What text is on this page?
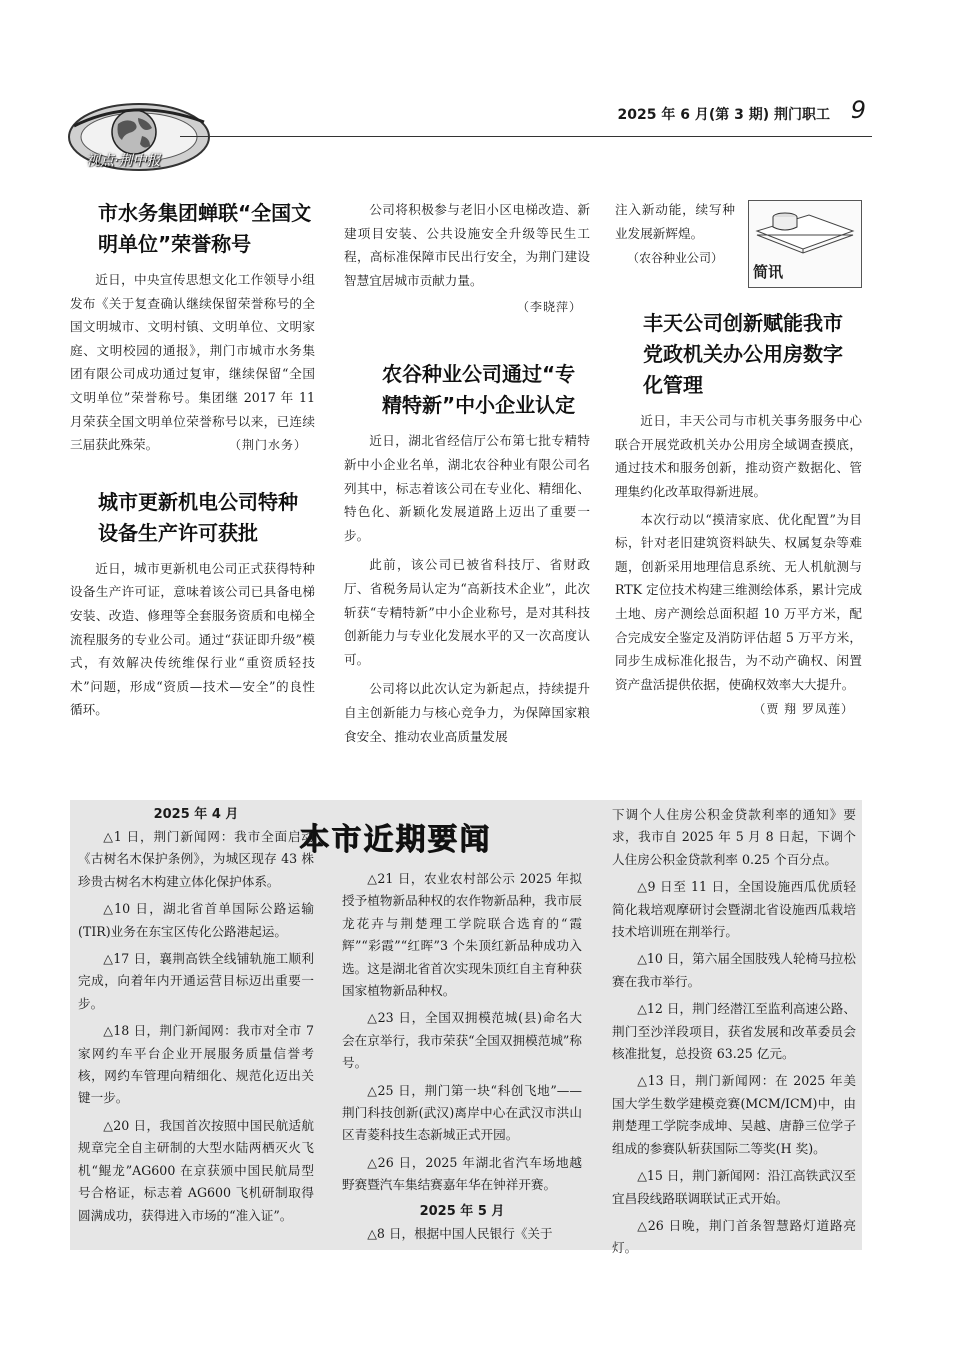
视点·荆中报
2025 年 6 月(第 3 期) 荆门职工 9
市水务集团蝉联“全国文明单位”荣誉称号

近日，中央宣传思想文化工作领导小组发布《关于复查确认继续保留荣誉称号的全国文明城市、文明村镇、文明单位、文明家庭、文明校园的通报》，荆门市城市水务集团有限公司成功通过复审，继续保留“全国文明单位”荣誉称号。集团继 2017 年 11 月荣获全国文明单位荣誉称号以来，已连续三届获此殊荣。	（荆门水务）
城市更新机电公司特种设备生产许可获批

近日，城市更新机电公司正式获得特种设备生产许可证，意味着该公司已具备电梯安装、改造、修理等全套服务资质和电梯全流程服务的专业公司。通过“获证即升级”模式，有效解决传统维保行业“重资质轻技术”问题，形成“资质—技术—安全”的良性循环。

公司将积极参与老旧小区电梯改造、新建项目安装、公共设施安全升级等民生工程，高标准保障市民出行安全，为荆门建设智慧宜居城市贡献力量。

（李晓萍）
农谷种业公司通过“专精特新”中小企业认定

近日，湖北省经信厅公布第七批专精特新中小企业名单，湖北农谷种业有限公司名列其中，标志着该公司在专业化、精细化、特色化、新颖化发展道路上迈出了重要一步。

此前，该公司已被省科技厅、省财政厅、省税务局认定为“高新技术企业”，此次斩获“专精特新”中小企业称号，是对其科技创新能力与专业化发展水平的又一次高度认可。

公司将以此次认定为新起点，持续提升自主创新能力与核心竞争力，为保障国家粮食安全、推动农业高质量发展

注入新动能，续写种业发展新辉煌。

（农谷种业公司）
丰天公司创新赋能我市党政机关办公用房数字化管理

近日，丰天公司与市机关事务服务中心联合开展党政机关办公用房全域调查摸底，通过技术和服务创新，推动资产数据化、管理集约化改革取得新进展。

本次行动以“摸清家底、优化配置”为目标，针对老旧建筑资料缺失、权属复杂等难题，创新采用地理信息系统、无人机航测与 RTK 定位技术构建三维测绘体系，累计完成土地、房产测绘总面积超 10 万平方米，配合完成安全鉴定及消防评估超 5 万平方米，同步生成标准化报告，为不动产确权、闲置资产盘活提供依据，使确权效率大大提升。

（贾 翔 罗凤莲）
简讯
本市近期要闻
2025 年 4 月

△1 日，荆门新闻网：我市全面启动《古树名木保护条例》，为城区现存 43 株珍贵古树名木构建立体化保护体系。

△10 日，湖北省首单国际公路运输(TIR)业务在东宝区传化公路港起运。

△17 日，襄荆高铁全线铺轨施工顺利完成，向着年内开通运营目标迈出重要一步。

△18 日，荆门新闻网：我市对全市 7 家网约车平台企业开展服务质量信誉考核，网约车管理向精细化、规范化迈出关键一步。

△20 日，我国首次按照中国民航适航规章完全自主研制的大型水陆两栖灭火飞机“鲲龙”AG600 在京获颁中国民航局型号合格证，标志着 AG600 飞机研制取得圆满成功，获得进入市场的“准入证”。

△21 日，农业农村部公示 2025 年拟授予植物新品种权的农作物新品种，我市辰龙花卉与荆楚理工学院联合选育的“霞辉”“彩霞”“红晖”3 个朱顶红新品种成功入选。这是湖北省首次实现朱顶红自主育种获国家植物新品种权。

△23 日，全国双拥模范城(县)命名大会在京举行，我市荣获“全国双拥模范城”称号。

△25 日，荆门第一块“科创飞地”——荆门科技创新(武汉)离岸中心在武汉市洪山区青菱科技生态新城正式开园。

△26 日，2025 年湖北省汽车场地越野赛暨汽车集结赛嘉年华在钟祥开赛。

2025 年 5 月

△8 日，根据中国人民银行《关于

下调个人住房公积金贷款利率的通知》要求，我市自 2025 年 5 月 8 日起，下调个人住房公积金贷款利率 0.25 个百分点。

△9 日至 11 日，全国设施西瓜优质轻简化栽培观摩研讨会暨湖北省设施西瓜栽培技术培训班在荆举行。

△10 日，第六届全国肢残人轮椅马拉松赛在我市举行。

△12 日，荆门经潜江至监利高速公路、荆门至沙洋段项目，获省发展和改革委员会核准批复，总投资 63.25 亿元。

△13 日，荆门新闻网：在 2025 年美国大学生数学建模竞赛(MCM/ICM)中，由荆楚理工学院李成坤、吴越、唐静三位学子组成的参赛队斩获国际二等奖(H 奖)。

△15 日，荆门新闻网：沿江高铁武汉至宜昌段线路联调联试正式开始。

△26 日晚，荆门首条智慧路灯道路亮灯。
